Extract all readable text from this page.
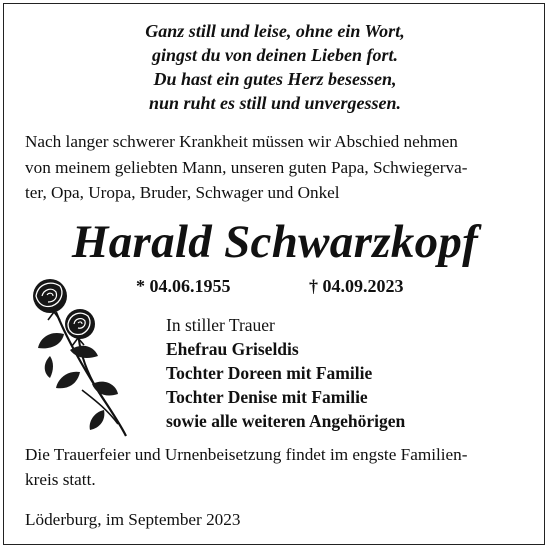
Ganz still und leise, ohne ein Wort,
gingst du von deinen Lieben fort.
Du hast ein gutes Herz besessen,
nun ruht es still und unvergessen.
Nach langer schwerer Krankheit müssen wir Abschied nehmen
von meinem geliebten Mann, unseren guten Papa, Schwiegerva-
ter, Opa, Uropa, Bruder, Schwager und Onkel
Harald Schwarzkopf
* 04.06.1955	† 04.09.2023
In stiller Trauer
Ehefrau Griseldis
Tochter Doreen mit Familie
Tochter Denise mit Familie
sowie alle weiteren Angehörigen
Die Trauerfeier und Urnenbeisetzung findet im engste Familien-
kreis statt.
Löderburg, im September 2023
